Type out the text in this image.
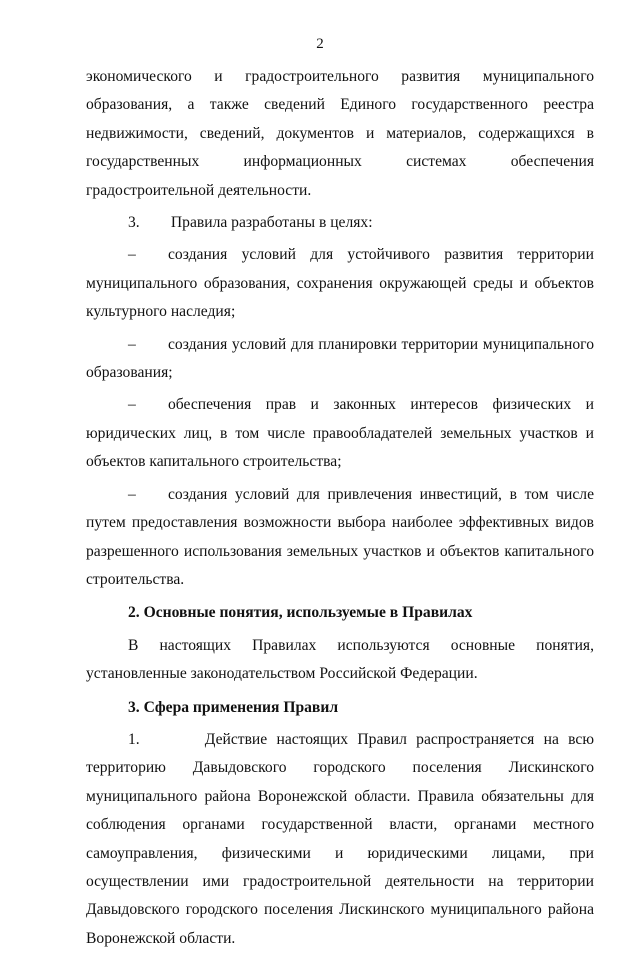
2

экономического и градостроительного развития муниципального образования, а также сведений Единого государственного реестра недвижимости, сведений, документов и материалов, содержащихся в государственных информационных системах обеспечения градостроительной деятельности.

3.        Правила разработаны в целях:

– создания условий для устойчивого развития территории муниципального образования, сохранения окружающей среды и объектов культурного наследия;

– создания условий для планировки территории муниципального образования;

– обеспечения прав и законных интересов физических и юридических лиц, в том числе правообладателей земельных участков и объектов капитального строительства;

– создания условий для привлечения инвестиций, в том числе путем предоставления возможности выбора наиболее эффективных видов разрешенного использования земельных участков и объектов капитального строительства.

2. Основные понятия, используемые в Правилах

В настоящих Правилах используются основные понятия, установленные законодательством Российской Федерации.

3. Сфера применения Правил

1.       Действие настоящих Правил распространяется на всю территорию Давыдовского городского поселения Лискинского муниципального района Воронежской области. Правила обязательны для соблюдения органами государственной власти, органами местного самоуправления, физическими и юридическими лицами, при осуществлении ими градостроительной деятельности на территории Давыдовского городского поселения Лискинского муниципального района Воронежской области.
